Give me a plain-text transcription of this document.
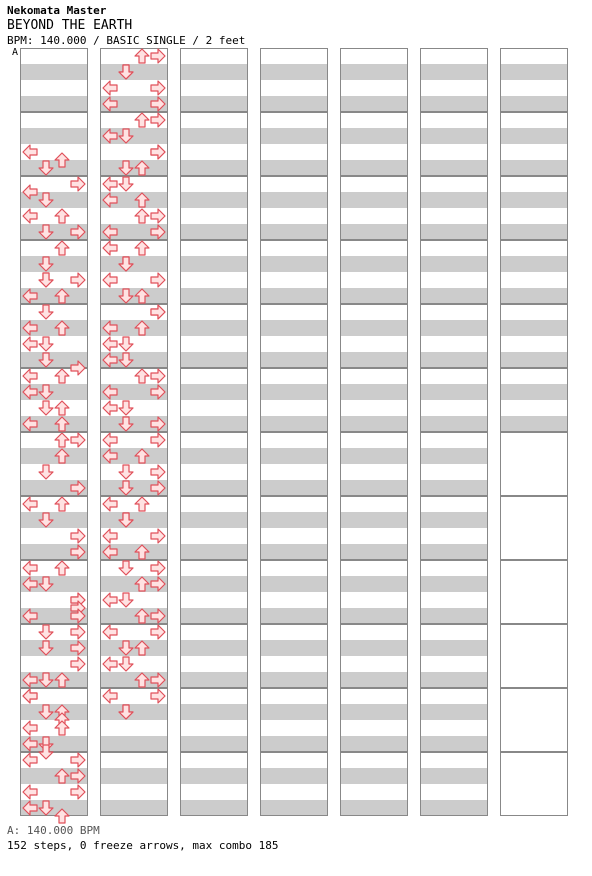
Nekomata Master
BEYOND THE EARTH
BPM: 140.000 / BASIC SINGLE / 2 feet
A
A: 140.000 BPM
152 steps, 0 freeze arrows, max combo 185
